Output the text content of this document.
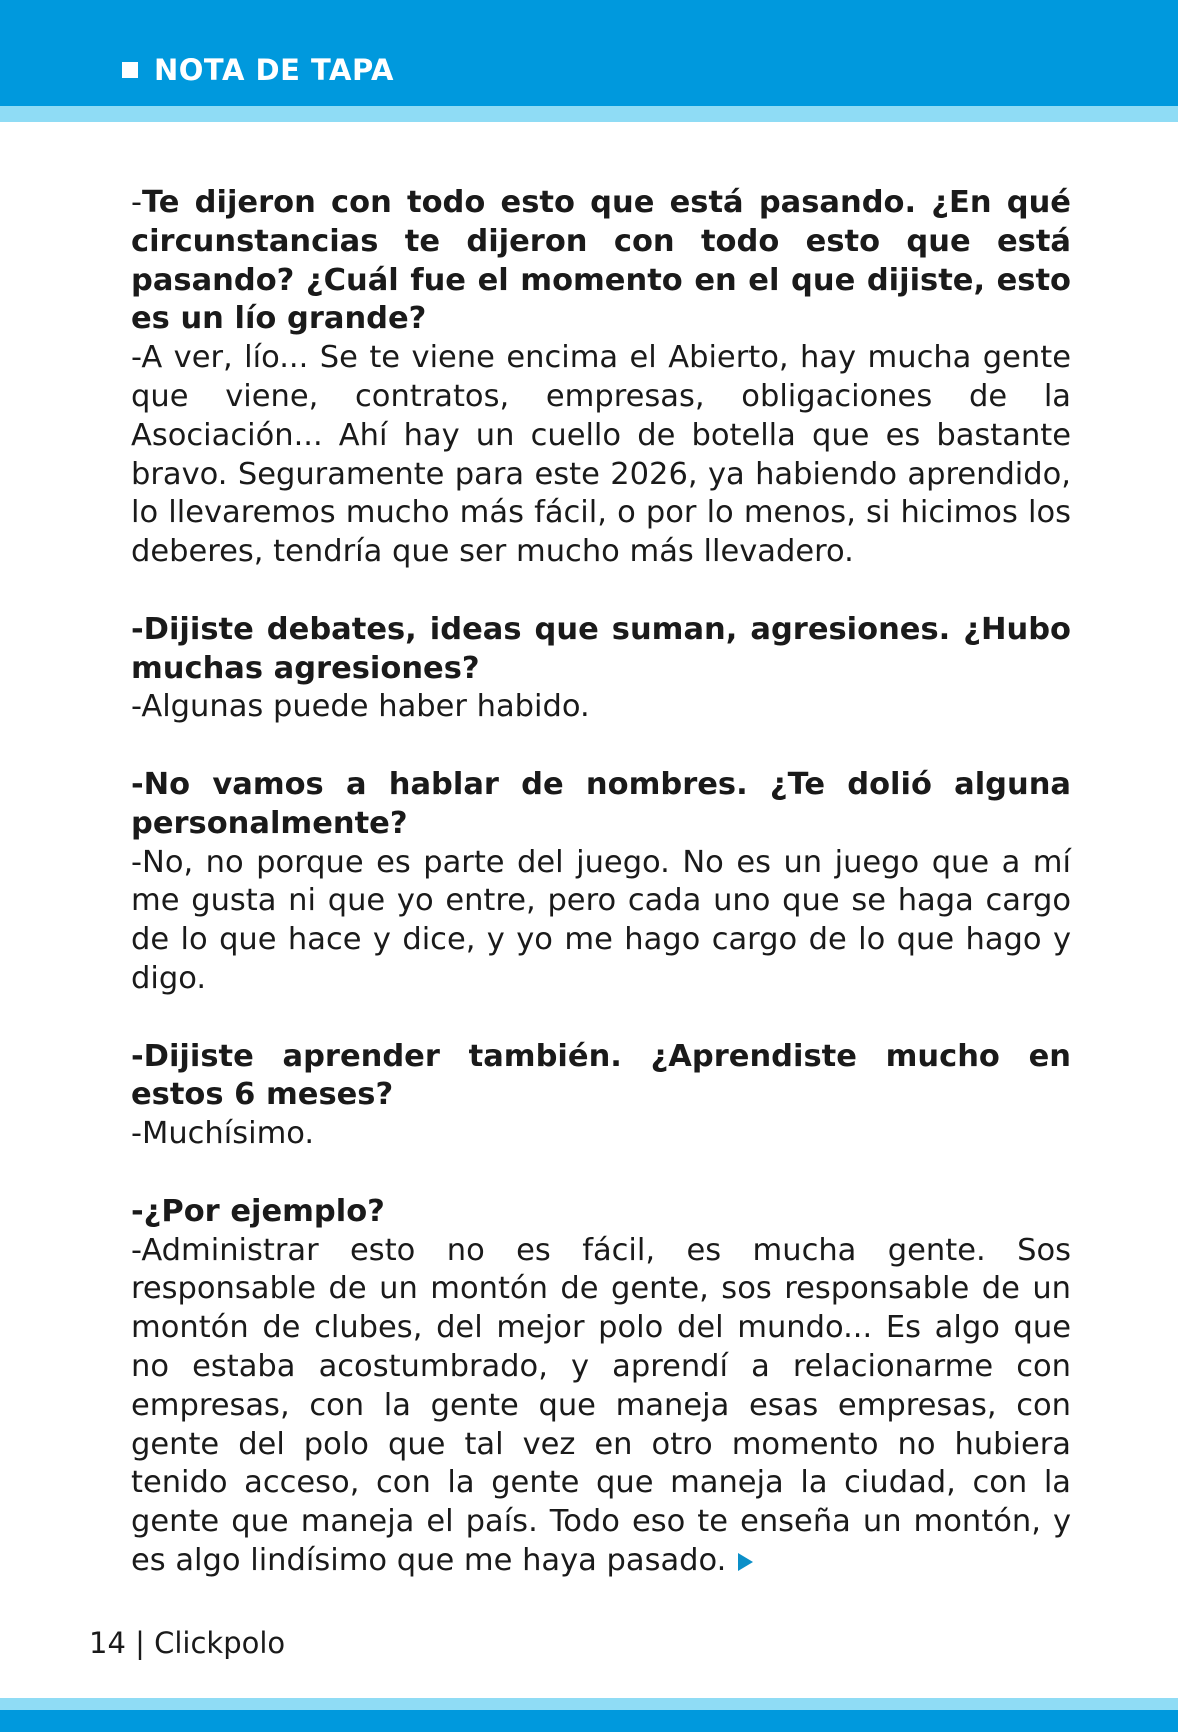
NOTA DE TAPA

-Te dijeron con todo esto que está pasando. ¿En qué circunstancias te dijeron con todo esto que está pasando? ¿Cuál fue el momento en el que dijiste, esto es un lío grande?

-A ver, lío... Se te viene encima el Abierto, hay mucha gente que viene, contratos, empresas, obligaciones de la Asociación... Ahí hay un cuello de botella que es bastante bravo. Seguramente para este 2026, ya habiendo aprendido, lo llevaremos mucho más fácil, o por lo menos, si hicimos los deberes, tendría que ser mucho más llevadero.

-Dijiste debates, ideas que suman, agresiones. ¿Hubo muchas agresiones?

-Algunas puede haber habido.

-No vamos a hablar de nombres. ¿Te dolió alguna personalmente?

-No, no porque es parte del juego. No es un juego que a mí me gusta ni que yo entre, pero cada uno que se haga cargo de lo que hace y dice, y yo me hago cargo de lo que hago y digo.

-Dijiste aprender también. ¿Aprendiste mucho en estos 6 meses?

-Muchísimo.

-¿Por ejemplo?

-Administrar esto no es fácil, es mucha gente. Sos responsable de un montón de gente, sos responsable de un montón de clubes, del mejor polo del mundo... Es algo que no estaba acostumbrado, y aprendí a relacionarme con empresas, con la gente que maneja esas empresas, con gente del polo que tal vez en otro momento no hubiera tenido acceso, con la gente que maneja la ciudad, con la gente que maneja el país. Todo eso te enseña un montón, y es algo lindísimo que me haya pasado.

14 | Clickpolo
